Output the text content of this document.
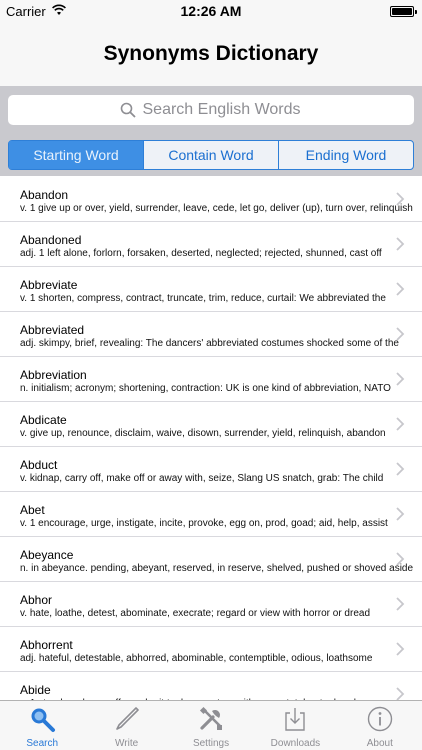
Carrier	12:26 AM
Synonyms Dictionary
Search English Words
Starting Word	Contain Word	Ending Word
Abandon
v. 1 give up or over, yield, surrender, leave, cede, let go, deliver (up), turn over, relinquish
Abandoned
adj. 1 left alone, forlorn, forsaken, deserted, neglected; rejected, shunned, cast off
Abbreviate
v. 1 shorten, compress, contract, truncate, trim, reduce, curtail: We abbreviated the
Abbreviated
adj. skimpy, brief, revealing: The dancers' abbreviated costumes shocked some of the
Abbreviation
n. initialism; acronym; shortening, contraction: UK is one kind of abbreviation, NATO
Abdicate
v. give up, renounce, disclaim, waive, disown, surrender, yield, relinquish, abandon
Abduct
v. kidnap, carry off, make off or away with, seize, Slang US snatch, grab: The child
Abet
v. 1 encourage, urge, instigate, incite, provoke, egg on, prod, goad; aid, help, assist
Abeyance
n. in abeyance. pending, abeyant, reserved, in reserve, shelved, pushed or shoved aside
Abhor
v. hate, loathe, detest, abominate, execrate; regard or view with horror or dread
Abhorrent
adj. hateful, detestable, abhorred, abominable, contemptible, odious, loathsome
Abide
Search	Write	Settings	Downloads	About
